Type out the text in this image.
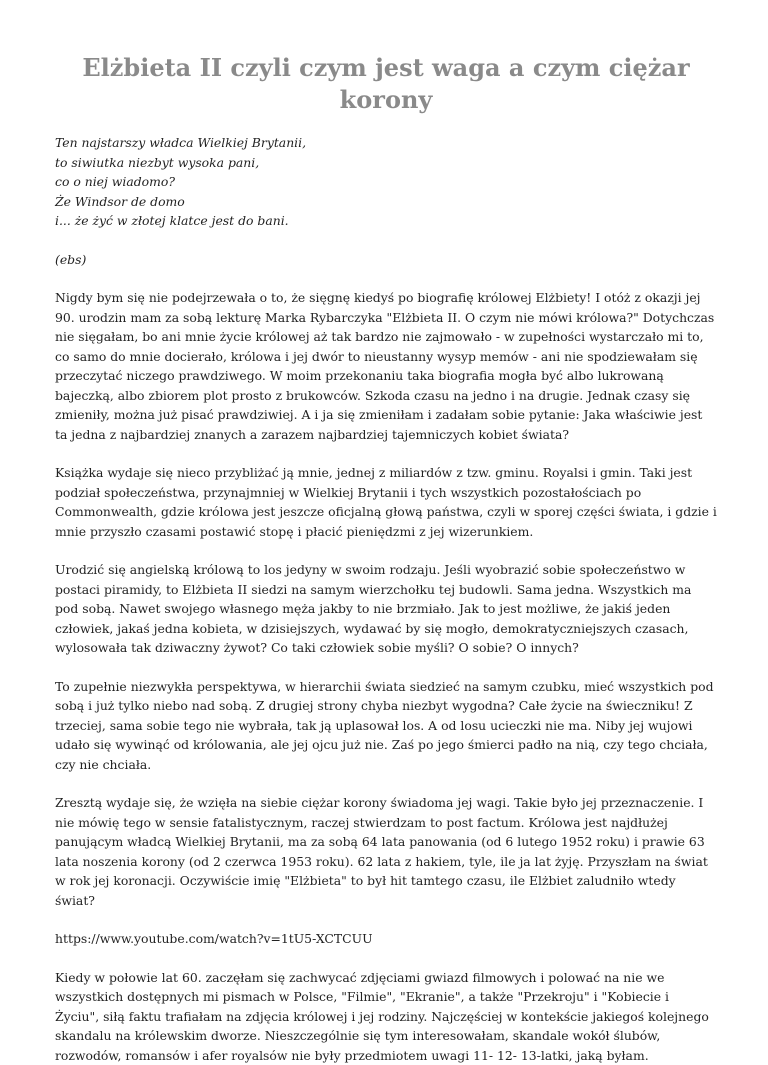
Elżbieta II czyli czym jest waga a czym ciężar korony
Ten najstarszy władca Wielkiej Brytanii,
to siwiutka niezbyt wysoka pani,
co o niej wiadomo?
Że Windsor de domo
i... że żyć w złotej klatce jest do bani.
(ebs)

Nigdy bym się nie podejrzewała o to, że sięgnę kiedyś po biografię królowej Elżbiety! I otóż z okazji jej 90. urodzin mam za sobą lekturę Marka Rybarczyka "Elżbieta II. O czym nie mówi królowa?" Dotychczas nie sięgałam, bo ani mnie życie królowej aż tak bardzo nie zajmowało - w zupełności wystarczało mi to, co samo do mnie docierało, królowa i jej dwór to nieustanny wysyp memów - ani nie spodziewałam się przeczytać niczego prawdziwego. W moim przekonaniu taka biografia mogła być albo lukrowaną bajeczką, albo zbiorem plot prosto z brukowców. Szkoda czasu na jedno i na drugie. Jednak czasy się zmieniły, można już pisać prawdziwiej. A i ja się zmieniłam i zadałam sobie pytanie: Jaka właściwie jest ta jedna z najbardziej znanych a zarazem najbardziej tajemniczych kobiet świata?

Książka wydaje się nieco przybliżać ją mnie, jednej z miliardów z tzw. gminu. Royalsi i gmin. Taki jest podział społeczeństwa, przynajmniej w Wielkiej Brytanii i tych wszystkich pozostałościach po Commonwealth, gdzie królowa jest jeszcze oficjalną głową państwa, czyli w sporej części świata, i gdzie i mnie przyszło czasami postawić stopę i płacić pieniędzmi z jej wizerunkiem.

Urodzić się angielską królową to los jedyny w swoim rodzaju. Jeśli wyobrazić sobie społeczeństwo w postaci piramidy, to Elżbieta II siedzi na samym wierzchołku tej budowli. Sama jedna. Wszystkich ma pod sobą. Nawet swojego własnego męża jakby to nie brzmiało. Jak to jest możliwe, że jakiś jeden człowiek, jakaś jedna kobieta, w dzisiejszych, wydawać by się mogło, demokratyczniejszych czasach, wylosowała tak dziwaczny żywot? Co taki człowiek sobie myśli? O sobie? O innych?

To zupełnie niezwykła perspektywa, w hierarchii świata siedzieć na samym czubku, mieć wszystkich pod sobą i już tylko niebo nad sobą. Z drugiej strony chyba niezbyt wygodna? Całe życie na świeczniku! Z trzeciej, sama sobie tego nie wybrała, tak ją uplasował los. A od losu ucieczki nie ma. Niby jej wujowi udało się wywinąć od królowania, ale jej ojcu już nie. Zaś po jego śmierci padło na nią, czy tego chciała, czy nie chciała.

Zresztą wydaje się, że wzięła na siebie ciężar korony świadoma jej wagi. Takie było jej przeznaczenie. I nie mówię tego w sensie fatalistycznym, raczej stwierdzam to post factum. Królowa jest najdłużej panującym władcą Wielkiej Brytanii, ma za sobą 64 lata panowania (od 6 lutego 1952 roku) i prawie 63 lata noszenia korony (od 2 czerwca 1953 roku). 62 lata z hakiem, tyle, ile ja lat żyję. Przyszłam na świat w rok jej koronacji. Oczywiście imię "Elżbieta" to był hit tamtego czasu, ile Elżbiet zaludniło wtedy świat?

https://www.youtube.com/watch?v=1tU5-XCTCUU

Kiedy w połowie lat 60. zaczęłam się zachwycać zdjęciami gwiazd filmowych i polować na nie we wszystkich dostępnych mi pismach w Polsce, "Filmie", "Ekranie", a także "Przekroju" i "Kobiecie i Życiu", siłą faktu trafiałam na zdjęcia królowej i jej rodziny. Najczęściej w kontekście jakiegoś kolejnego skandalu na królewskim dworze. Nieszczególnie się tym interesowałam, skandale wokół ślubów, rozwodów, romansów i afer royalsów nie były przedmiotem uwagi 11- 12- 13-latki, jaką byłam.
